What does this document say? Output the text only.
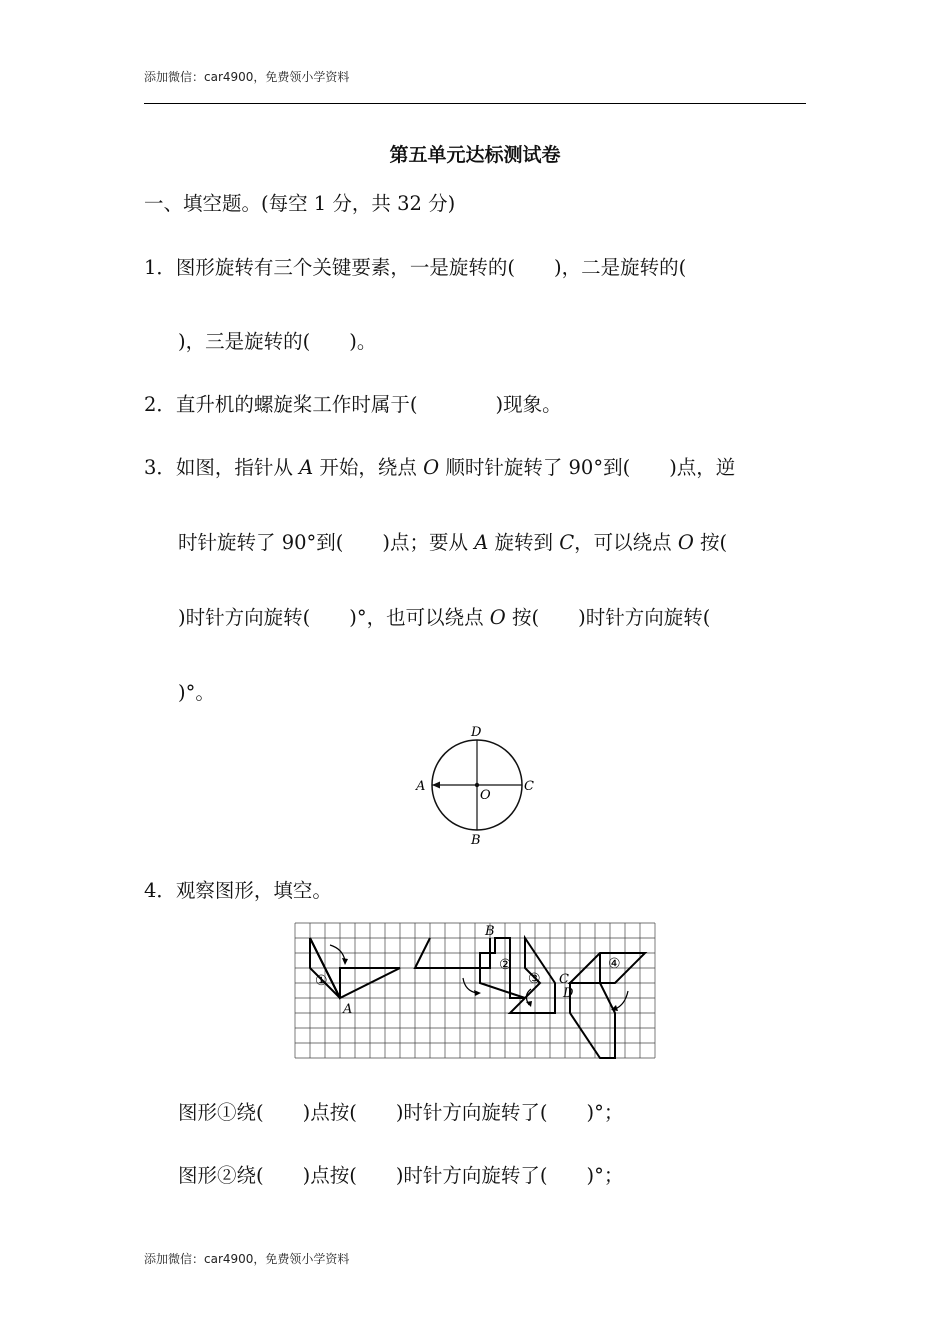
添加微信：car4900，免费领小学资料
第五单元达标测试卷
一、填空题。(每空 1 分，共 32 分)
1．图形旋转有三个关键要素，一是旋转的(　　)，二是旋转的(
)，三是旋转的(　　)。
2．直升机的螺旋桨工作时属于(　　　　)现象。
3．如图，指针从 A 开始，绕点 O 顺时针旋转了 90°到(　　)点，逆
时针旋转了 90°到(　　)点；要从 A 旋转到 C，可以绕点 O 按(
)时针方向旋转(　　)°，也可以绕点 O 按(　　)时针方向旋转(
)°。
D
A	C
O
B
4．观察图形，填空。
①
A
B
②
③ C
D
④
图形①绕(　　)点按(　　)时针方向旋转了(　　)°；
图形②绕(　　)点按(　　)时针方向旋转了(　　)°；
添加微信：car4900，免费领小学资料
